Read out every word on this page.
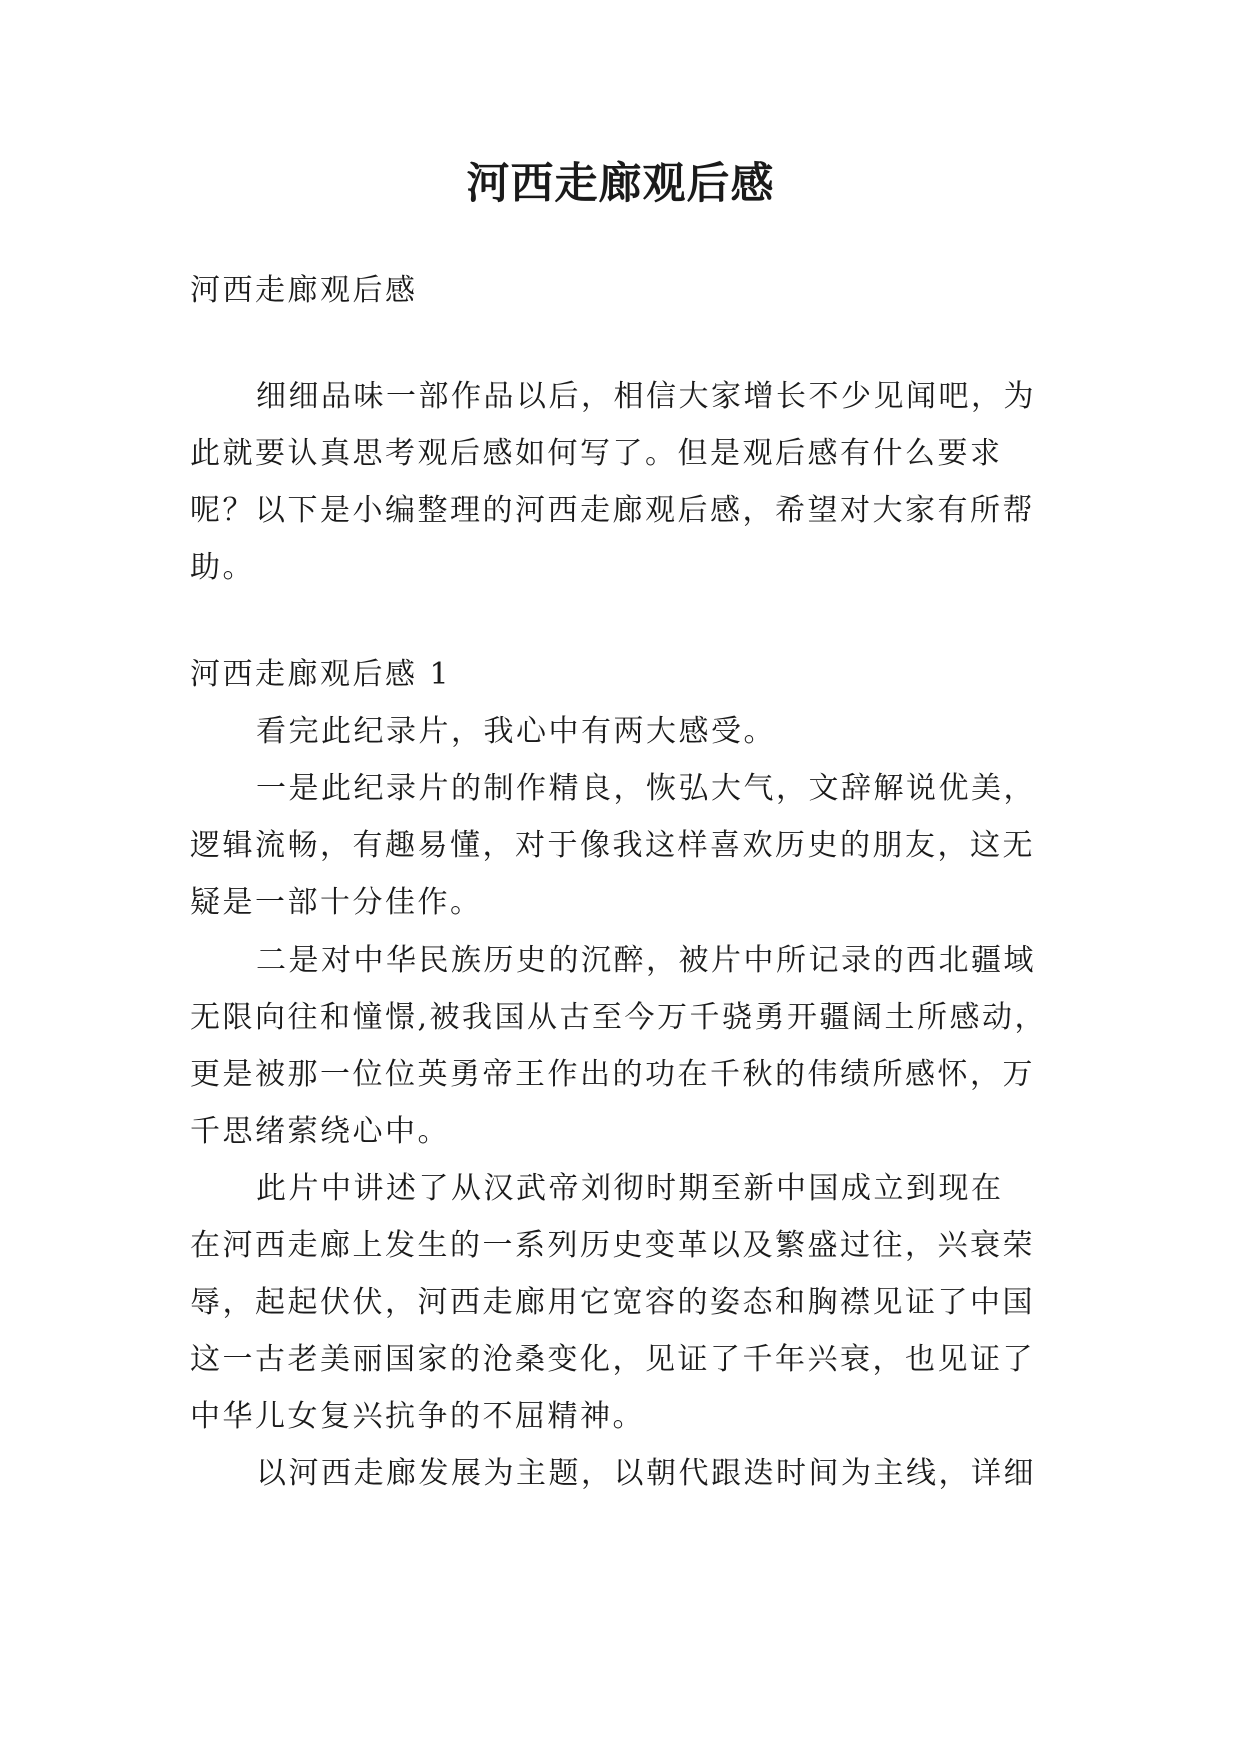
河西走廊观后感
河西走廊观后感
细细品味一部作品以后，相信大家增长不少见闻吧，为
此就要认真思考观后感如何写了。但是观后感有什么要求
呢？以下是小编整理的河西走廊观后感，希望对大家有所帮
助。
河西走廊观后感 1
看完此纪录片，我心中有两大感受。
一是此纪录片的制作精良，恢弘大气，文辞解说优美，
逻辑流畅，有趣易懂，对于像我这样喜欢历史的朋友，这无
疑是一部十分佳作。
二是对中华民族历史的沉醉，被片中所记录的西北疆域
无限向往和憧憬,被我国从古至今万千骁勇开疆阔土所感动，
更是被那一位位英勇帝王作出的功在千秋的伟绩所感怀，万
千思绪萦绕心中。
此片中讲述了从汉武帝刘彻时期至新中国成立到现在
在河西走廊上发生的一系列历史变革以及繁盛过往，兴衰荣
辱，起起伏伏，河西走廊用它宽容的姿态和胸襟见证了中国
这一古老美丽国家的沧桑变化，见证了千年兴衰，也见证了
中华儿女复兴抗争的不屈精神。
以河西走廊发展为主题，以朝代跟迭时间为主线，详细
